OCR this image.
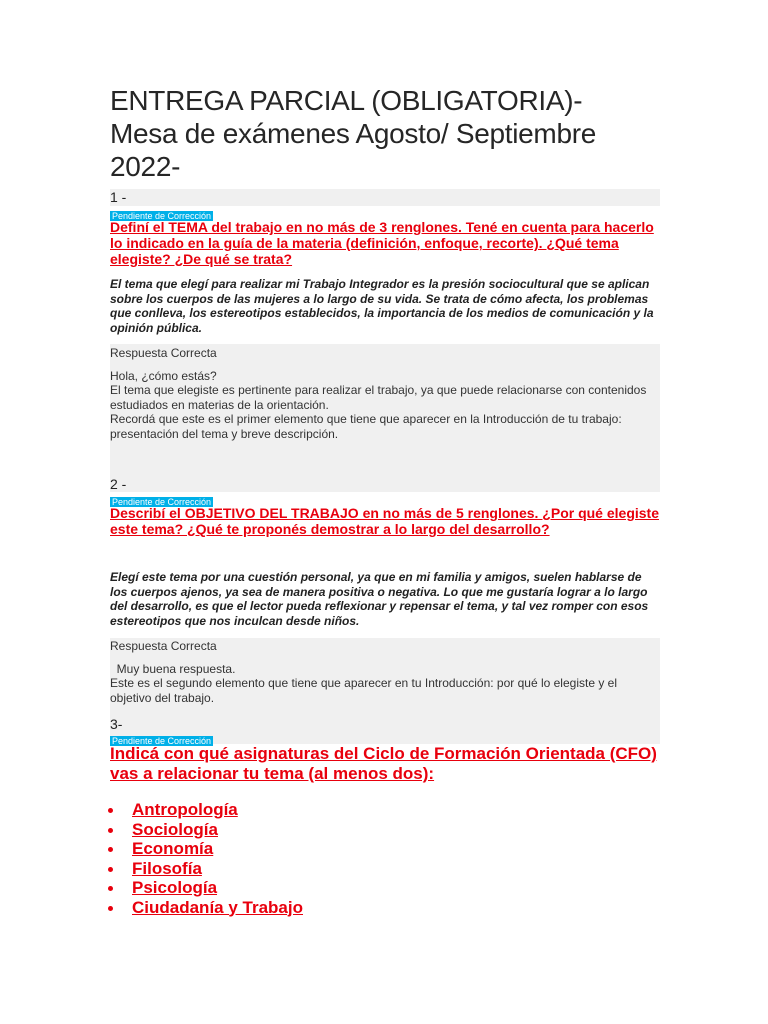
ENTREGA PARCIAL (OBLIGATORIA)-
Mesa de exámenes Agosto/ Septiembre
2022-
1 -
Pendiente de Corrección

Definí el TEMA del trabajo en no más de 3 renglones. Tené en cuenta para hacerlo lo indicado en la guía de la materia (definición, enfoque, recorte). ¿Qué tema elegiste? ¿De qué se trata?

El tema que elegí para realizar mi Trabajo Integrador es la presión sociocultural que se aplican sobre los cuerpos de las mujeres a lo largo de su vida. Se trata de cómo afecta, los problemas que conlleva, los estereotipos establecidos, la importancia de los medios de comunicación y la opinión pública.

Respuesta Correcta

Hola, ¿cómo estás?

El tema que elegiste es pertinente para realizar el trabajo, ya que puede relacionarse con contenidos estudiados en materias de la orientación.

Recordá que este es el primer elemento que tiene que aparecer en la Introducción de tu trabajo: presentación del tema y breve descripción.

2 -
Pendiente de Corrección

Describí el OBJETIVO DEL TRABAJO en no más de 5 renglones. ¿Por qué elegiste este tema? ¿Qué te proponés demostrar a lo largo del desarrollo?

Elegí este tema por una cuestión personal, ya que en mi familia y amigos, suelen hablarse de los cuerpos ajenos, ya sea de manera positiva o negativa. Lo que me gustaría lograr a lo largo del desarrollo, es que el lector pueda reflexionar y repensar el tema, y tal vez romper con esos estereotipos que nos inculcan desde niños.

Respuesta Correcta

Muy buena respuesta.

Este es el segundo elemento que tiene que aparecer en tu Introducción: por qué lo elegiste y el objetivo del trabajo.

3-
Pendiente de Corrección

Indicá con qué asignaturas del Ciclo de Formación Orientada (CFO) vas a relacionar tu tema (al menos dos):

Antropología
Sociología
Economía
Filosofía
Psicología
Ciudadanía y Trabajo
